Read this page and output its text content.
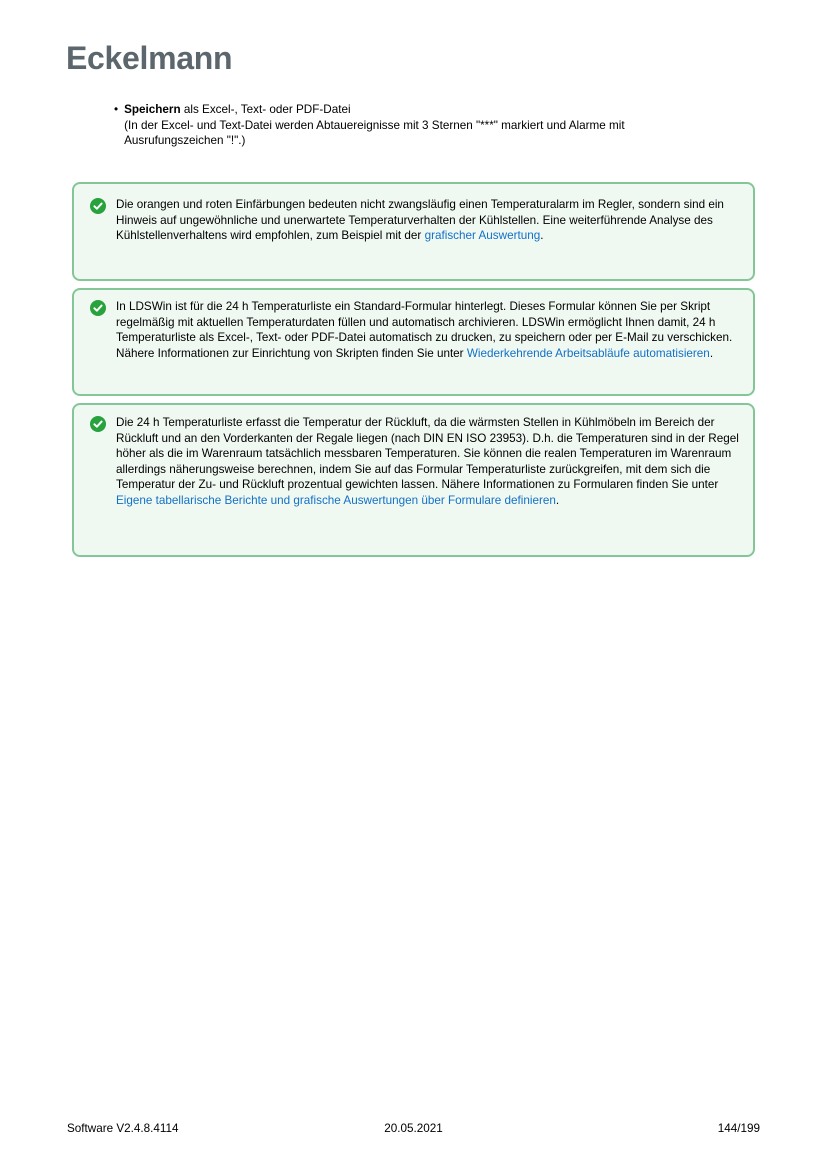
Eckelmann
• Speichern als Excel-, Text- oder PDF-Datei
(In der Excel- und Text-Datei werden Abtauereignisse mit 3 Sternen "***" markiert und Alarme mit Ausrufungszeichen "!".)
Die orangen und roten Einfärbungen bedeuten nicht zwangsläufig einen Temperaturalarm im Regler, sondern sind ein Hinweis auf ungewöhnliche und unerwartete Temperaturverhalten der Kühlstellen. Eine weiterführende Analyse des Kühlstellenverhaltens wird empfohlen, zum Beispiel mit der grafischer Auswertung.
In LDSWin ist für die 24 h Temperaturliste ein Standard-Formular hinterlegt. Dieses Formular können Sie per Skript regelmäßig mit aktuellen Temperaturdaten füllen und automatisch archivieren. LDSWin ermöglicht Ihnen damit, 24 h Temperaturliste als Excel-, Text- oder PDF-Datei automatisch zu drucken, zu speichern oder per E-Mail zu verschicken. Nähere Informationen zur Einrichtung von Skripten finden Sie unter Wiederkehrende Arbeitsabläufe automatisieren.
Die 24 h Temperaturliste erfasst die Temperatur der Rückluft, da die wärmsten Stellen in Kühlmöbeln im Bereich der Rückluft und an den Vorderkanten der Regale liegen (nach DIN EN ISO 23953). D.h. die Temperaturen sind in der Regel höher als die im Warenraum tatsächlich messbaren Temperaturen. Sie können die realen Temperaturen im Warenraum allerdings näherungsweise berechnen, indem Sie auf das Formular Temperaturliste zurückgreifen, mit dem sich die Temperatur der Zu- und Rückluft prozentual gewichten lassen. Nähere Informationen zu Formularen finden Sie unter Eigene tabellarische Berichte und grafische Auswertungen über Formulare definieren.
Software V2.4.8.4114	20.05.2021	144/199
